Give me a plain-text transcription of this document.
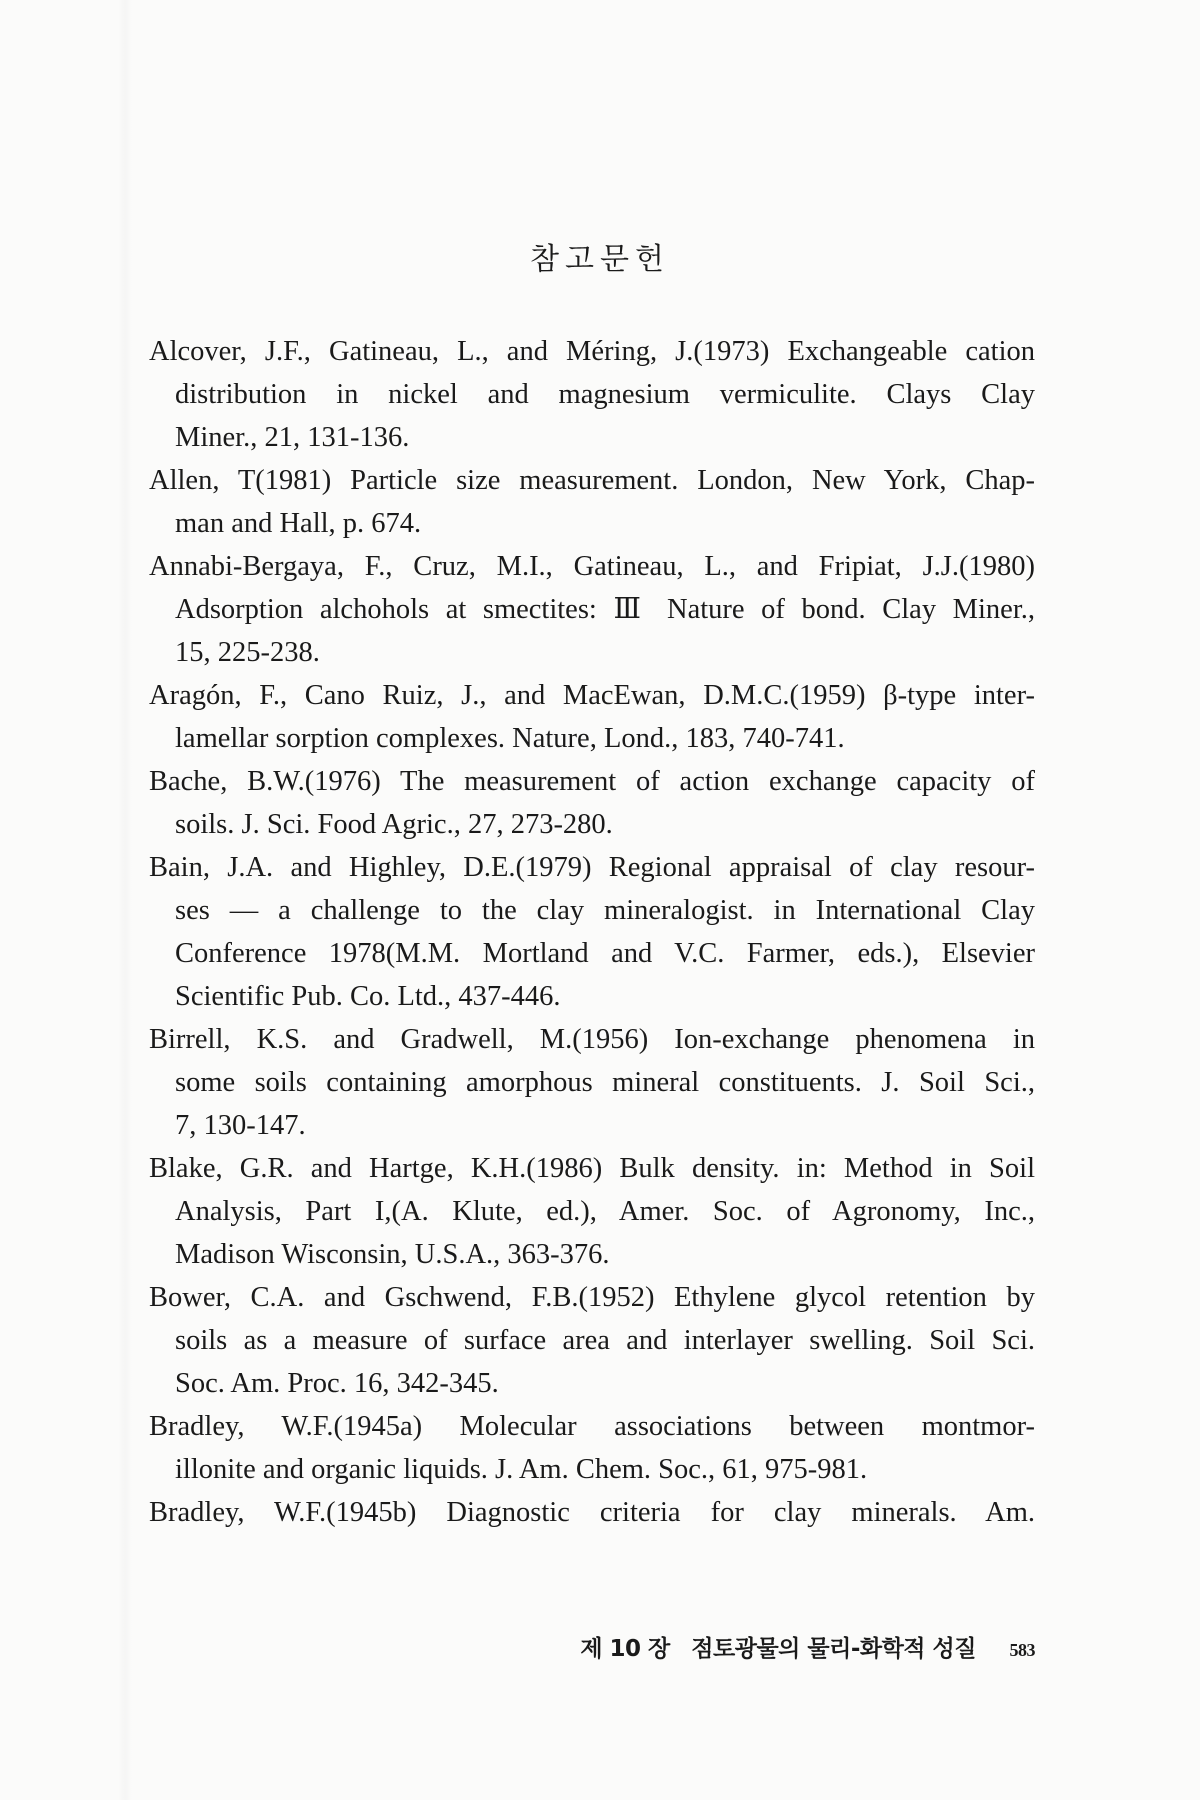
참고문헌
Alcover, J.F., Gatineau, L., and Méring, J.(1973) Exchangeable cation
distribution in nickel and magnesium vermiculite. Clays Clay
Miner., 21, 131-136.
Allen, T(1981) Particle size measurement. London, New York, Chap-
man and Hall, p. 674.
Annabi-Bergaya, F., Cruz, M.I., Gatineau, L., and Fripiat, J.J.(1980)
Adsorption alchohols at smectites: Ⅲ Nature of bond. Clay Miner.,
15, 225-238.
Aragón, F., Cano Ruiz, J., and MacEwan, D.M.C.(1959) β-type inter-
lamellar sorption complexes. Nature, Lond., 183, 740-741.
Bache, B.W.(1976) The measurement of action exchange capacity of
soils. J. Sci. Food Agric., 27, 273-280.
Bain, J.A. and Highley, D.E.(1979) Regional appraisal of clay resour-
ses — a challenge to the clay mineralogist. in International Clay
Conference 1978(M.M. Mortland and V.C. Farmer, eds.), Elsevier
Scientific Pub. Co. Ltd., 437-446.
Birrell, K.S. and Gradwell, M.(1956) Ion-exchange phenomena in
some soils containing amorphous mineral constituents. J. Soil Sci.,
7, 130-147.
Blake, G.R. and Hartge, K.H.(1986) Bulk density. in: Method in Soil
Analysis, Part I,(A. Klute, ed.), Amer. Soc. of Agronomy, Inc.,
Madison Wisconsin, U.S.A., 363-376.
Bower, C.A. and Gschwend, F.B.(1952) Ethylene glycol retention by
soils as a measure of surface area and interlayer swelling. Soil Sci.
Soc. Am. Proc. 16, 342-345.
Bradley, W.F.(1945a) Molecular associations between montmor-
illonite and organic liquids. J. Am. Chem. Soc., 61, 975-981.
Bradley, W.F.(1945b) Diagnostic criteria for clay minerals. Am.
제 10 장 점토광물의 물리-화학적 성질 583
